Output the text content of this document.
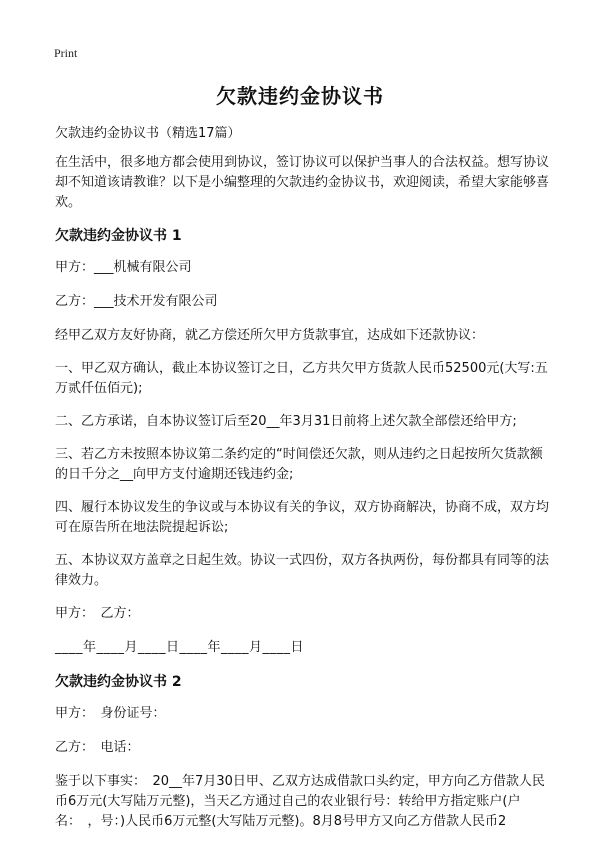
Print
欠款违约金协议书

欠款违约金协议书（精选17篇）

在生活中，很多地方都会使用到协议，签订协议可以保护当事人的合法权益。想写协议却不知道该请教谁？以下是小编整理的欠款违约金协议书，欢迎阅读，希望大家能够喜欢。

欠款违约金协议书 1

甲方：___机械有限公司

乙方：___技术开发有限公司

经甲乙双方友好协商，就乙方偿还所欠甲方货款事宜，达成如下还款协议：

一、甲乙双方确认，截止本协议签订之日，乙方共欠甲方货款人民币52500元(大写:五万贰仟伍佰元);

二、乙方承诺，自本协议签订后至20__年3月31日前将上述欠款全部偿还给甲方;

三、若乙方未按照本协议第二条约定的“时间偿还欠款，则从违约之日起按所欠货款额的日千分之__向甲方支付逾期还钱违约金;

四、履行本协议发生的争议或与本协议有关的争议，双方协商解决，协商不成，双方均可在原告所在地法院提起诉讼;

五、本协议双方盖章之日起生效。协议一式四份，双方各执两份，每份都具有同等的法律效力。

甲方：　乙方：

____年____月____日____年____月____日

欠款违约金协议书 2

甲方：　身份证号：

乙方：　电话：

鉴于以下事实：　20__年7月30日甲、乙双方达成借款口头约定，甲方向乙方借款人民币6万元(大写陆万元整)，当天乙方通过自己的农业银行号：转给甲方指定账户(户名：　，号：)人民币6万元整(大写陆万元整)。8月8号甲方又向乙方借款人民币2
